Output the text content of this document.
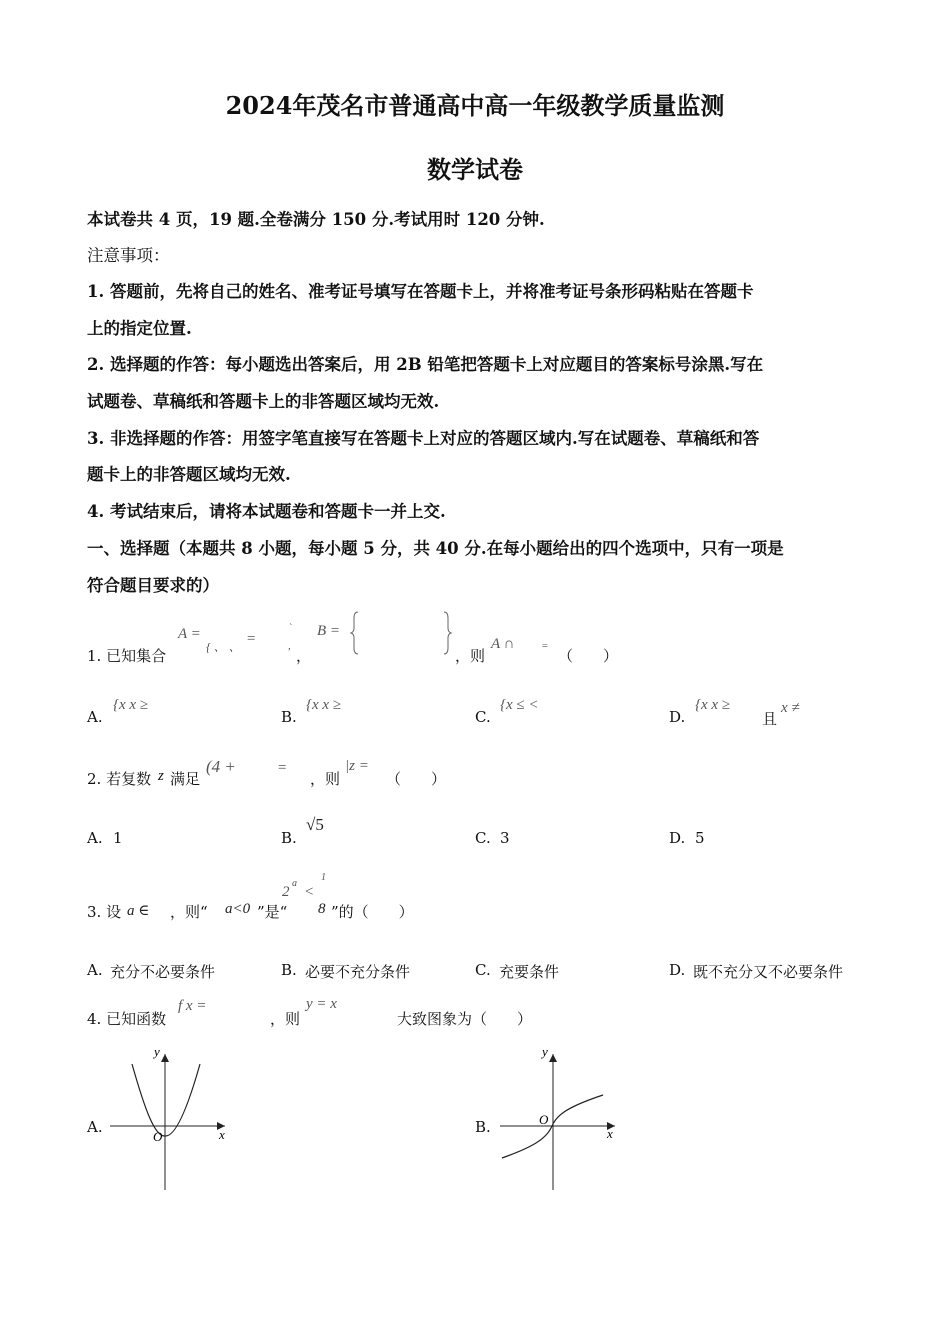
2024年茂名市普通高中高一年级教学质量监测
数学试卷
本试卷共 4 页，19 题.全卷满分 150 分.考试用时 120 分钟.
注意事项：
1. 答题前，先将自己的姓名、准考证号填写在答题卡上，并将准考证号条形码粘贴在答题卡
上的指定位置.
2. 选择题的作答：每小题选出答案后，用 2B 铅笔把答题卡上对应题目的答案标号涂黑.写在
试题卷、草稿纸和答题卡上的非答题区域均无效.
3. 非选择题的作答：用签字笔直接写在答题卡上对应的答题区域内.写在试题卷、草稿纸和答
题卡上的非答题区域均无效.
4. 考试结束后，请将本试题卷和答题卡一并上交.
一、选择题（本题共 8 小题，每小题 5 分，共 40 分.在每小题给出的四个选项中，只有一项是
符合题目要求的）
1. 已知集合
A =
{ 、 、 =
`
,
，
B =
，则
A ∩ =
（　　）
A.
{x x ≥
B.
{x x ≥
C.
{x ≤ <
D.
{x x ≥
且
x ≠
2. 若复数 z 满足
(4 +	=
，则
|z =
（　　）
A. 1	B.
√5
C. 3	D. 5
3. 设 a ∈ ，则“ a<0 ”是“
2
a
<
1
8 ”的（　　）
A. 充分不必要条件	B. 必要不充分条件	C. 充要条件	D. 既不充分又不必要条件
4. 已知函数
f x =
，则
y = x
大致图象为（　　）
A.
y
x
O
B.
y
x
O
